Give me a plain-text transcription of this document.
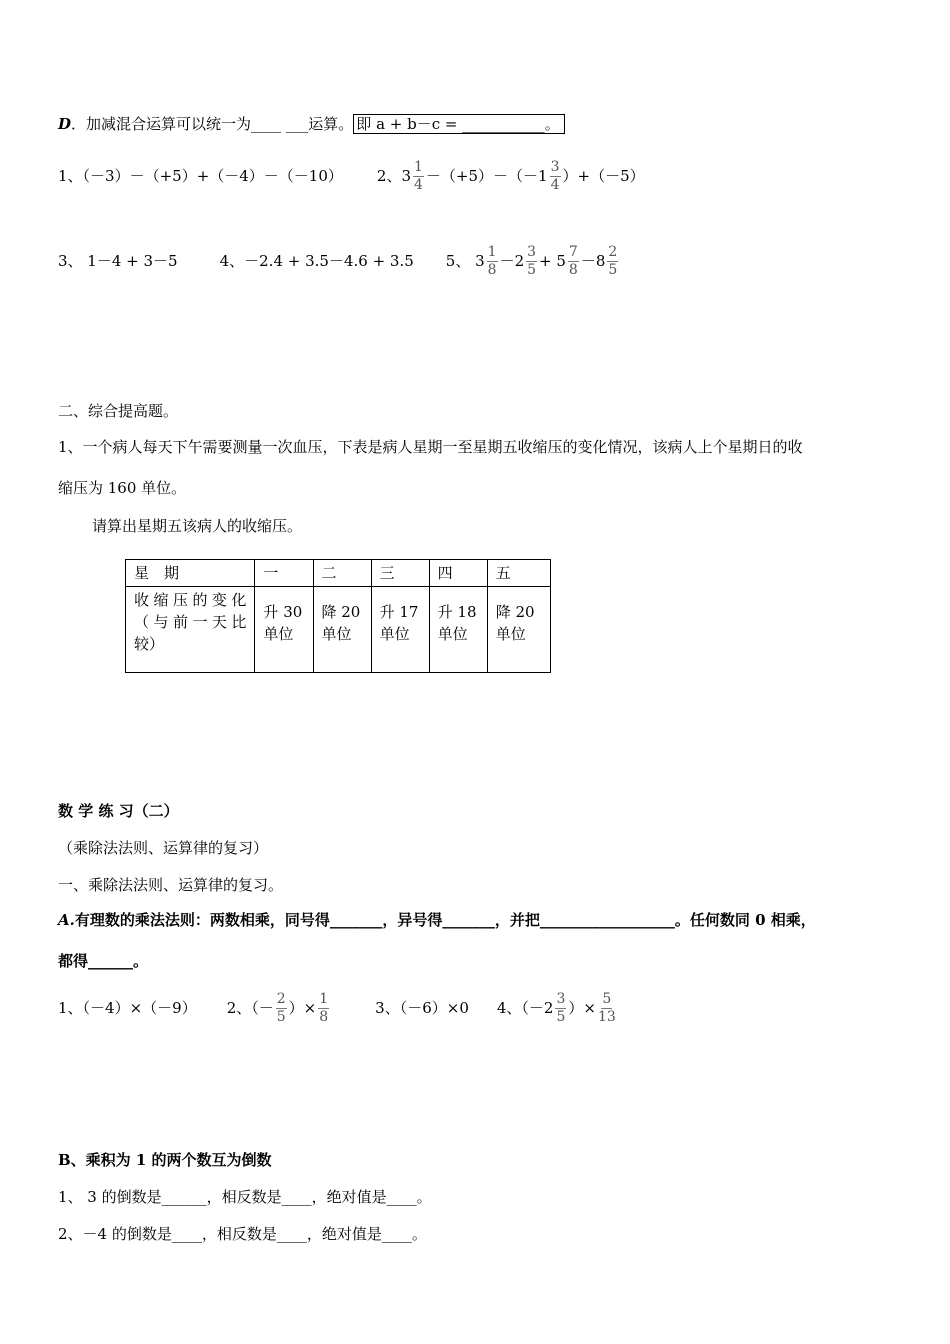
D．加减混合运算可以统一为____ ___运算。 即 a + b－c = ___________。
1、（－3）－（+5）+（－4）－（－10） 2、$3 \frac{1}{4} -(+5)-(-1 \frac{3}{4} )+(-5)$
3、 1－4 + 3－5	4、－2.4 + 3.5－4.6 + 3.5 5、 $3 \frac{1}{8} -2 \frac{3}{5} + 5 \frac{7}{8} -8 \frac{2}{5}$
二、综合提高题。
1、一个病人每天下午需要测量一次血压，下表是病人星期一至星期五收缩压的变化情况，该病人上个星期日的收
缩压为 160 单位。
请算出星期五该病人的收缩压。
星　期	一	二	三	四	五
收缩压的变化（与前一天比较）	升 30 单位	降 20 单位	升 17 单位	升 18 单位	降 20 单位
数 学 练 习（二）
（乘除法法则、运算律的复习）
一、乘除法法则、运算律的复习。
A.有理数的乘法法则：两数相乘，同号得_______，异号得_______，并把__________________。任何数同 0 相乘，
都得______。
1、（－4）×（－9） 2、（－ $\frac{2}{5}$ ）× $\frac{1}{8}$	3、（－6）×0 4、（$-2 \frac{3}{5}$ ）× $\frac{5}{13}$
B、乘积为 1 的两个数互为倒数
1、 3 的倒数是______，相反数是____，绝对值是____。
2、－4 的倒数是____，相反数是____，绝对值是____。
